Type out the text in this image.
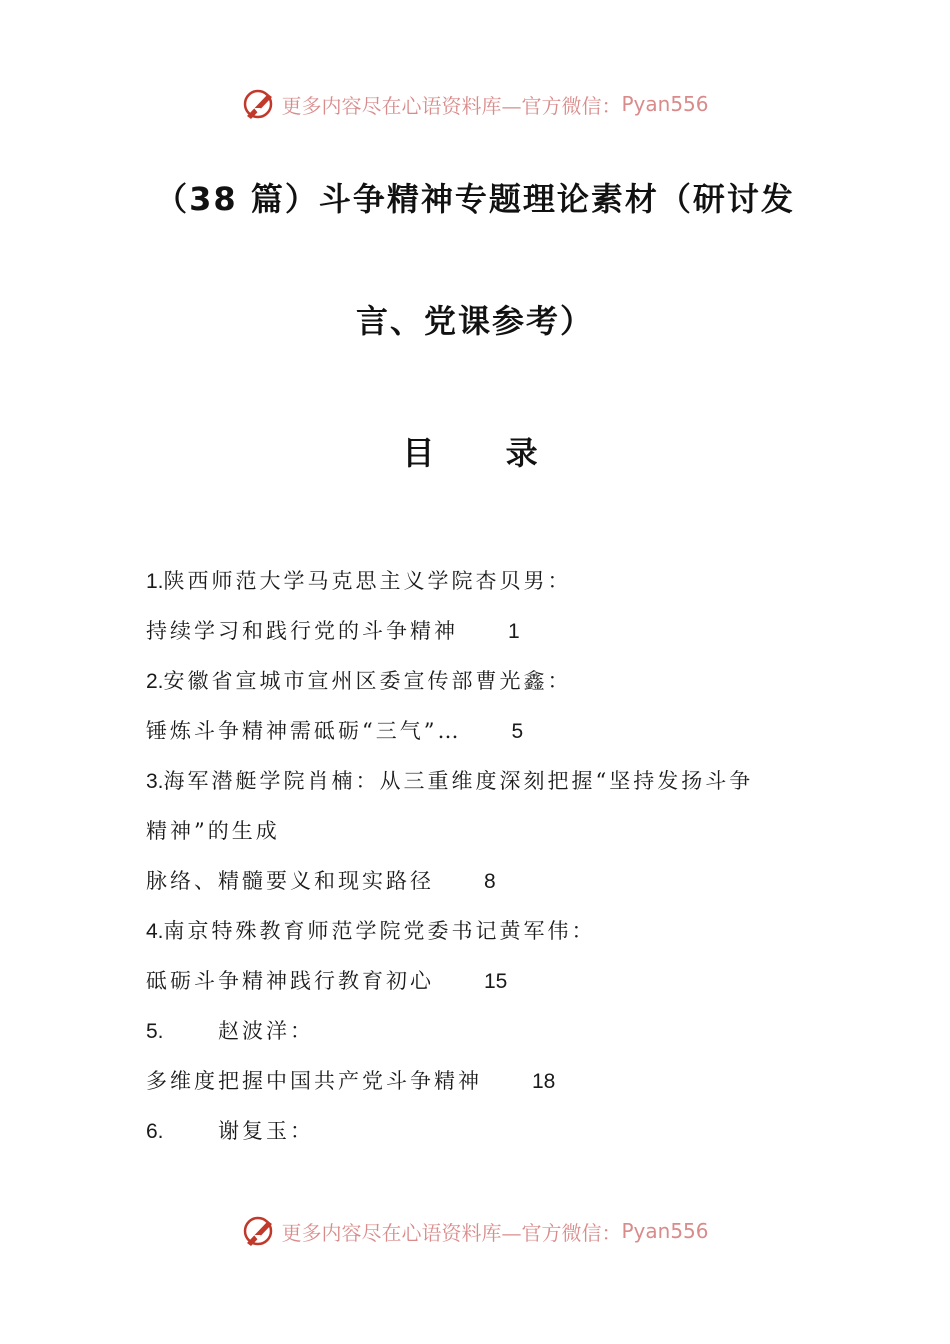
更多内容尽在心语资料库—官方微信： Pyan556
（38 篇）斗争精神专题理论素材（研讨发
言、党课参考）
目 录
1.陕西师范大学马克思主义学院杏贝男：
持续学习和践行党的斗争精神 1
2.安徽省宣城市宣州区委宣传部曹光鑫：
锤炼斗争精神需砥砺“三气”… 5
3.海军潜艇学院肖楠：从三重维度深刻把握“坚持发扬斗争
精神”的生成
脉络、精髓要义和现实路径 8
4.南京特殊教育师范学院党委书记黄军伟：
砥砺斗争精神践行教育初心 15
5.	赵波洋：
多维度把握中国共产党斗争精神 18
6.	谢复玉：
更多内容尽在心语资料库—官方微信： Pyan556
